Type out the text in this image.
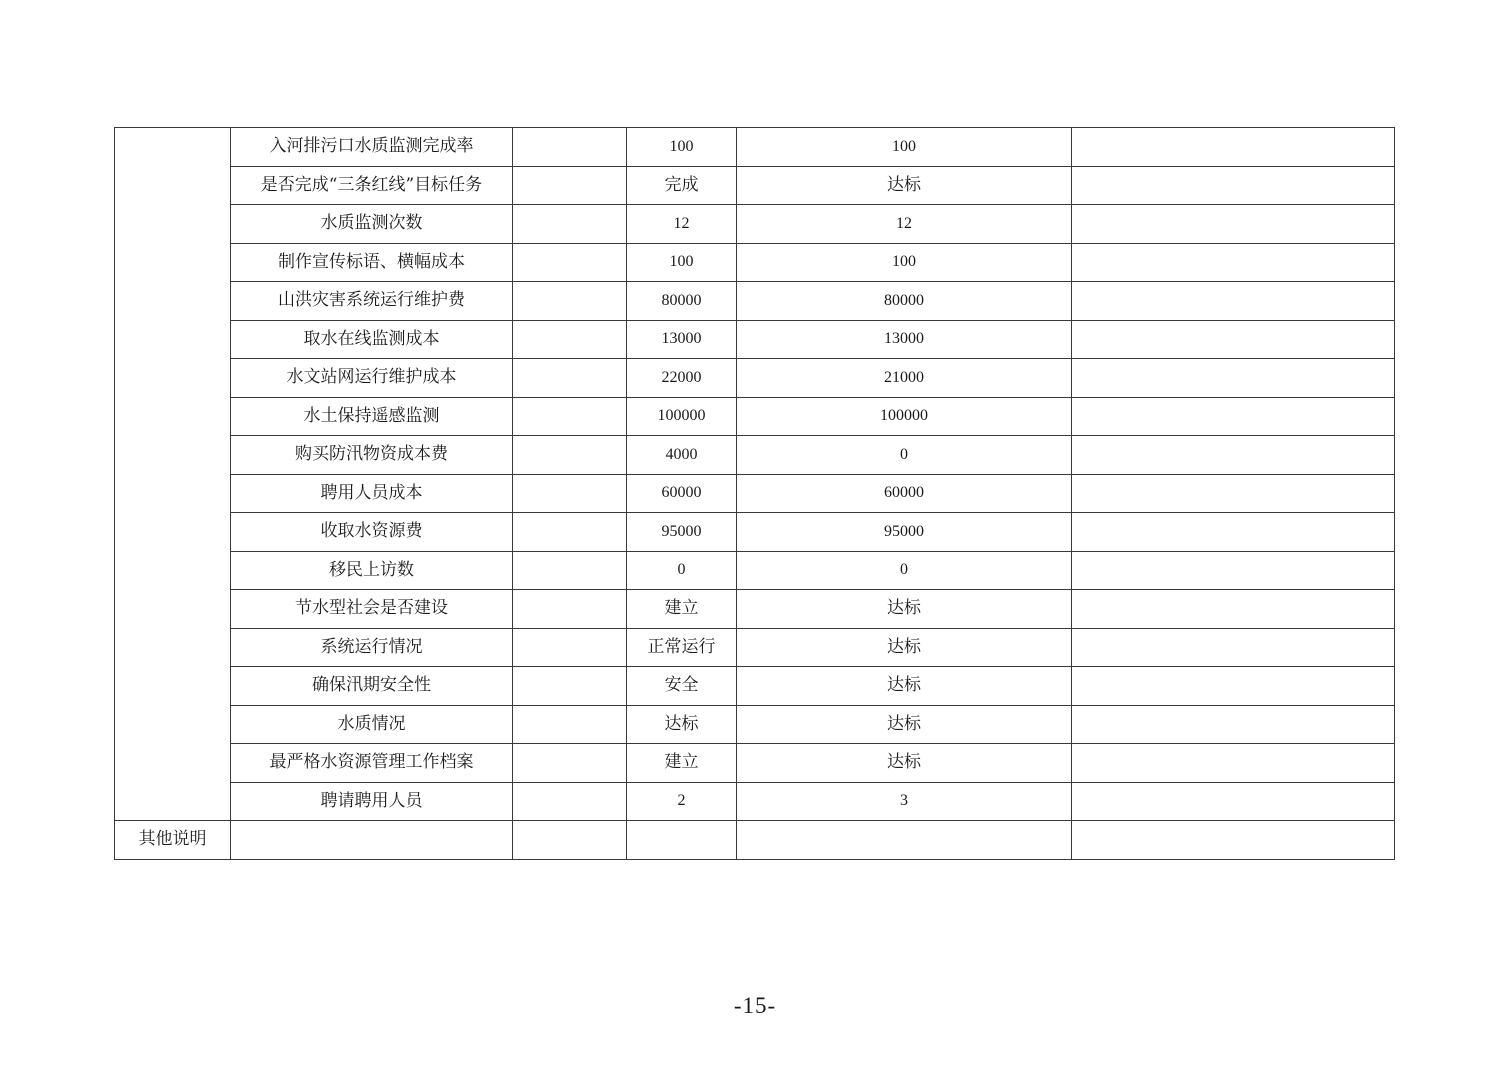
	入河排污口水质监测完成率		100	100	
	是否完成“三条红线”目标任务		完成	达标	
	水质监测次数		12	12	
	制作宣传标语、横幅成本		100	100	
	山洪灾害系统运行维护费		80000	80000	
	取水在线监测成本		13000	13000	
	水文站网运行维护成本		22000	21000	
	水土保持遥感监测		100000	100000	
	购买防汛物资成本费		4000	0	
	聘用人员成本		60000	60000	
	收取水资源费		95000	95000	
	移民上访数		0	0	
	节水型社会是否建设		建立	达标	
	系统运行情况		正常运行	达标	
	确保汛期安全性		安全	达标	
	水质情况		达标	达标	
	最严格水资源管理工作档案		建立	达标	
	聘请聘用人员		2	3	
其他说明					
-15-
